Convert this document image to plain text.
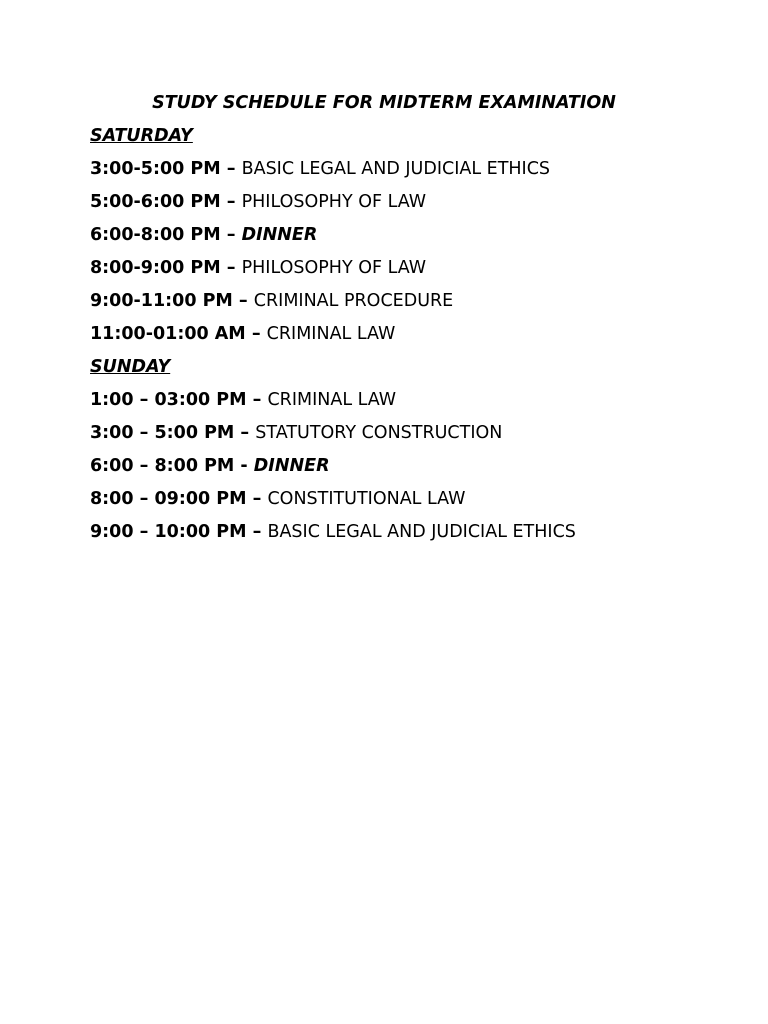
STUDY SCHEDULE FOR MIDTERM EXAMINATION
SATURDAY
3:00-5:00 PM – BASIC LEGAL AND JUDICIAL ETHICS
5:00-6:00 PM – PHILOSOPHY OF LAW
6:00-8:00 PM – DINNER
8:00-9:00 PM – PHILOSOPHY OF LAW
9:00-11:00 PM – CRIMINAL PROCEDURE
11:00-01:00 AM – CRIMINAL LAW
SUNDAY
1:00 – 03:00 PM – CRIMINAL LAW
3:00 – 5:00 PM – STATUTORY CONSTRUCTION
6:00 – 8:00 PM - DINNER
8:00 – 09:00 PM – CONSTITUTIONAL LAW
9:00 – 10:00 PM – BASIC LEGAL AND JUDICIAL ETHICS
